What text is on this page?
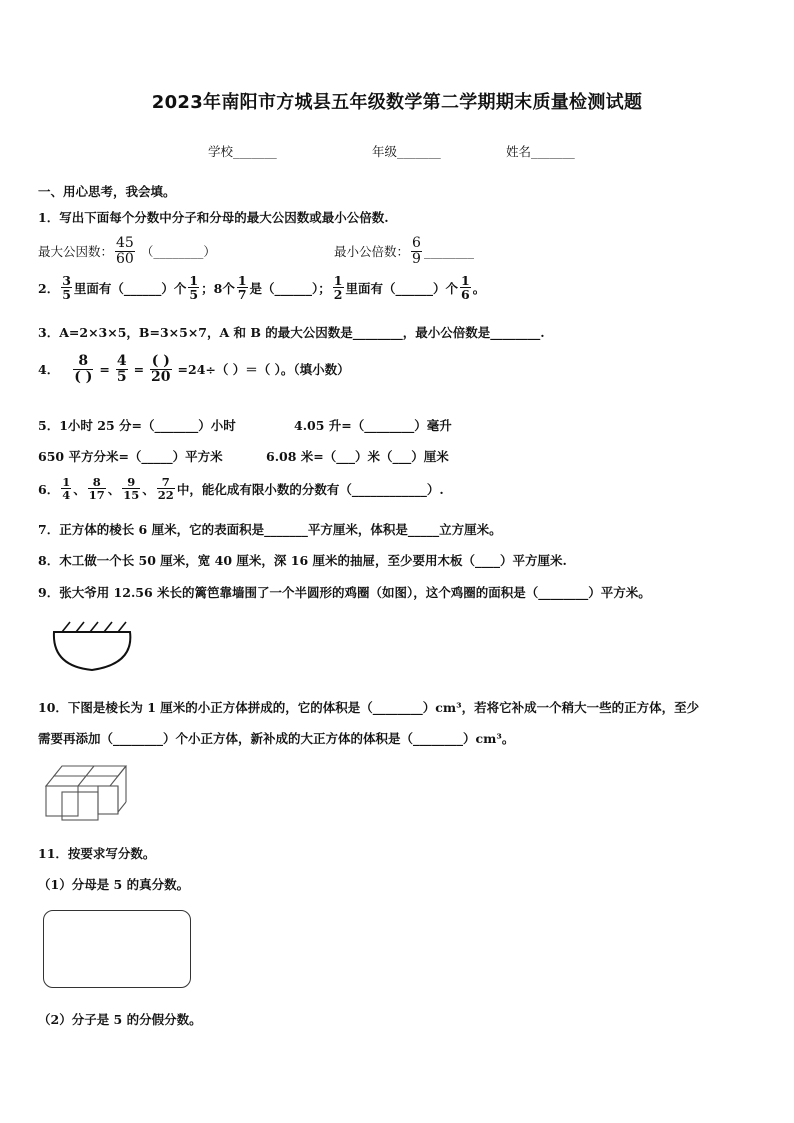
2023年南阳市方城县五年级数学第二学期期末质量检测试题
学校_______	年级_______	姓名_______
一、用心思考，我会填。
1．写出下面每个分数中分子和分母的最大公因数或最小公倍数.
最大公因数： $\frac{45}{60}$ （________）	最小公倍数： $\frac{6}{9}$ ________
2． $\frac{3}{5}$ 里面有（______）个 $\frac{1}{5}$ ；8个 $\frac{1}{7}$ 是（______）； $\frac{1}{2}$ 里面有（______）个 $\frac{1}{6}$ 。
3．A=2×3×5，B=3×5×7，A 和 B 的最大公因数是________，最小公倍数是________.
4． $\frac{8}{( )} = \frac{4}{5} = \frac{( )}{20} =24\div$（ ）＝（ ）。（填小数）
5．1小时 25 分=（_______）小时	4.05 升=（________）毫升
650 平方分米=（_____）平方米	6.08 米=（___）米（___）厘米
6． $\frac{1}{4}$ 、 $\frac{8}{17}$ 、 $\frac{9}{15}$ 、 $\frac{7}{22}$ 中，能化成有限小数的分数有（____________）.
7．正方体的棱长 6 厘米，它的表面积是_______平方厘米，体积是_____立方厘米。
8．木工做一个长 50 厘米，宽 40 厘米，深 16 厘米的抽屉，至少要用木板（____）平方厘米.
9．张大爷用 12.56 米长的篱笆靠墙围了一个半圆形的鸡圈（如图），这个鸡圈的面积是（________）平方米。
10．下图是棱长为 1 厘米的小正方体拼成的，它的体积是（________）cm³，若将它补成一个稍大一些的正方体，至少
需要再添加（________）个小正方体，新补成的大正方体的体积是（________）cm³。
11．按要求写分数。
（1）分母是 5 的真分数。
（2）分子是 5 的分假分数。
